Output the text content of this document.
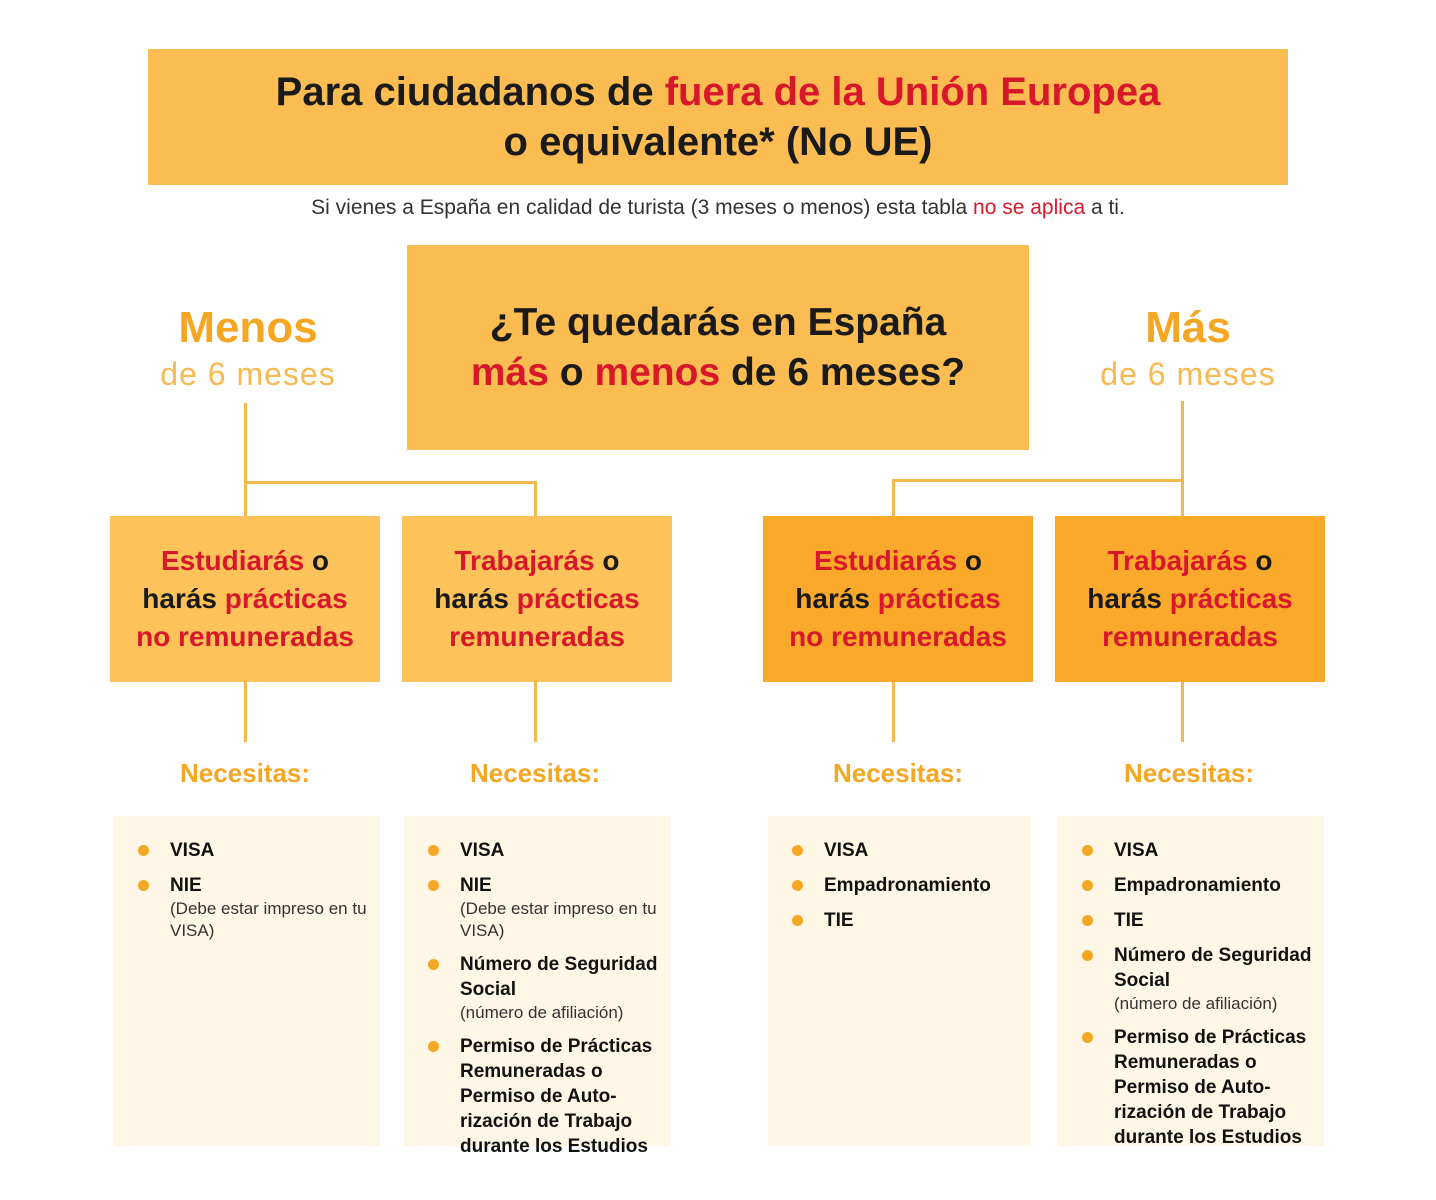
Para ciudadanos de fuera de la Unión Europea
o equivalente* (No UE)
Si vienes a España en calidad de turista (3 meses o menos) esta tabla no se aplica a ti.
¿Te quedarás en España
más o menos de 6 meses?
Menos
de 6 meses
Más
de 6 meses
Estudiarás o
harás prácticas
no remuneradas
Trabajarás o
harás prácticas
remuneradas
Estudiarás o
harás prácticas
no remuneradas
Trabajarás o
harás prácticas
remuneradas
Necesitas:	Necesitas:	Necesitas:	Necesitas:
VISA
NIE
(Debe estar impreso en tu VISA)
VISA
NIE
(Debe estar impreso en tu VISA)
Número de Seguridad Social
(número de afiliación)
Permiso de Prácticas Remuneradas o Permiso de Auto-rización de Trabajo durante los Estudios
VISA
Empadronamiento
TIE
VISA
Empadronamiento
TIE
Número de Seguridad Social
(número de afiliación)
Permiso de Prácticas Remuneradas o Permiso de Auto-rización de Trabajo durante los Estudios
